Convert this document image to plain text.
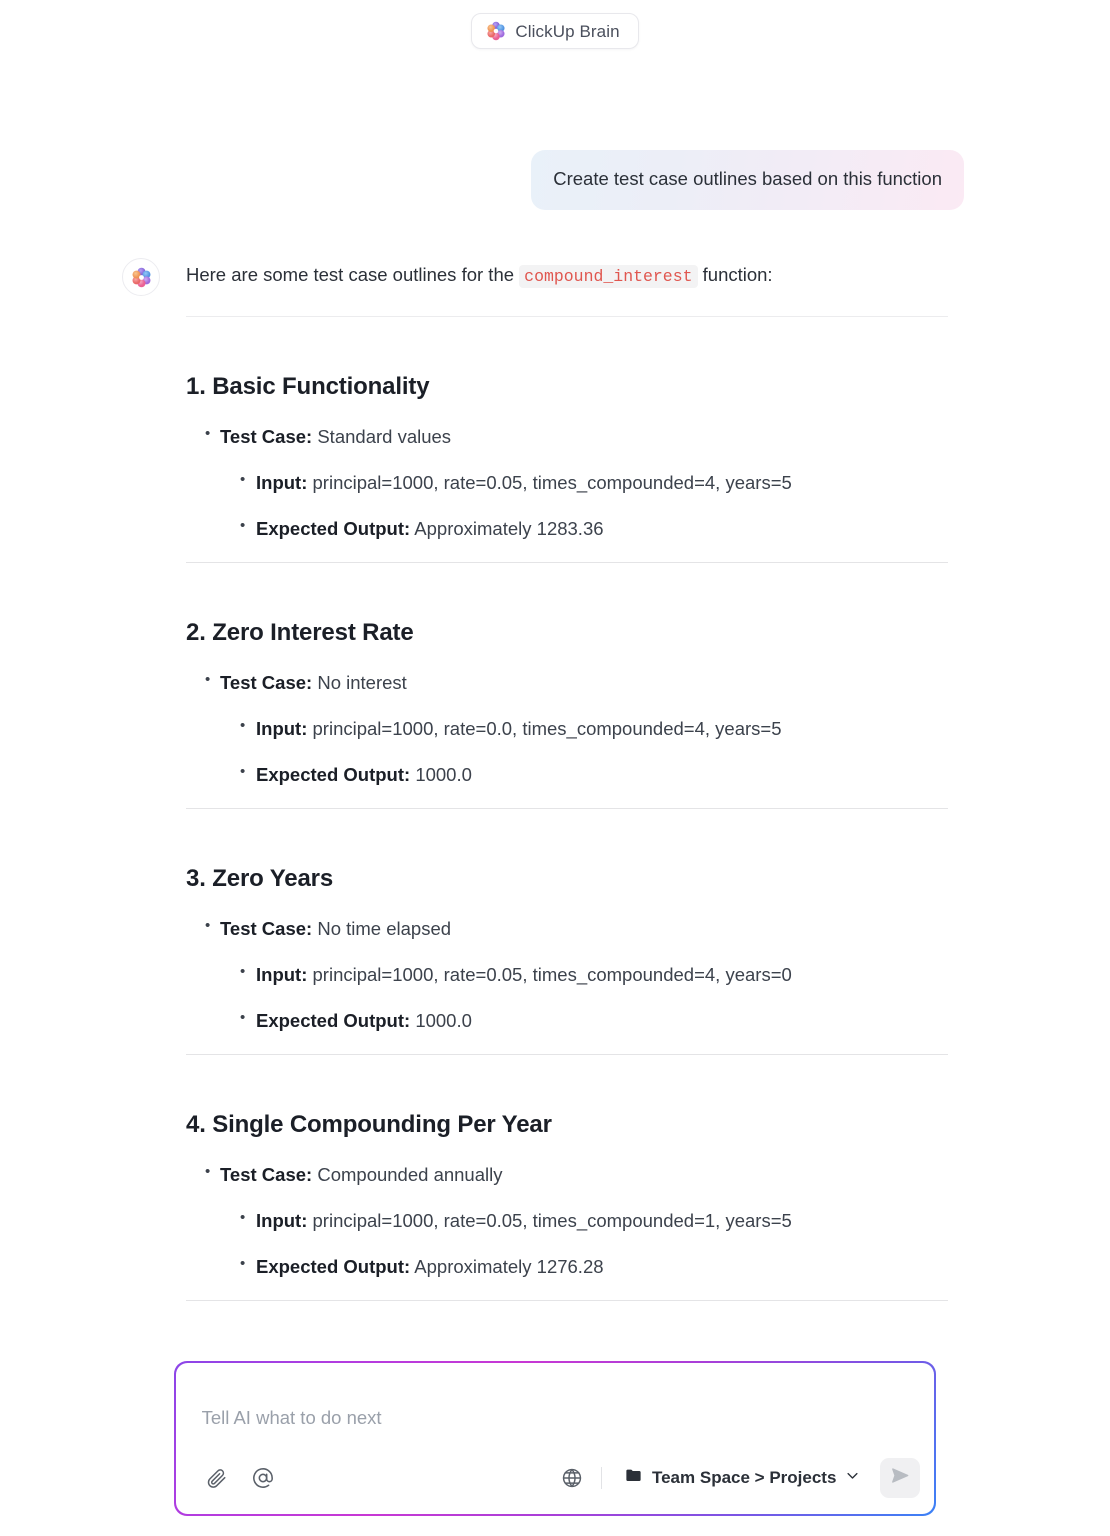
ClickUp Brain
Create test case outlines based on this function
Here are some test case outlines for the compound_interest function:
1. Basic Functionality
• Test Case: Standard values
• Input: principal=1000, rate=0.05, times_compounded=4, years=5
• Expected Output: Approximately 1283.36
2. Zero Interest Rate
• Test Case: No interest
• Input: principal=1000, rate=0.0, times_compounded=4, years=5
• Expected Output: 1000.0
3. Zero Years
• Test Case: No time elapsed
• Input: principal=1000, rate=0.05, times_compounded=4, years=0
• Expected Output: 1000.0
4. Single Compounding Per Year
• Test Case: Compounded annually
• Input: principal=1000, rate=0.05, times_compounded=1, years=5
• Expected Output: Approximately 1276.28
Tell AI what to do next
Team Space > Projects
